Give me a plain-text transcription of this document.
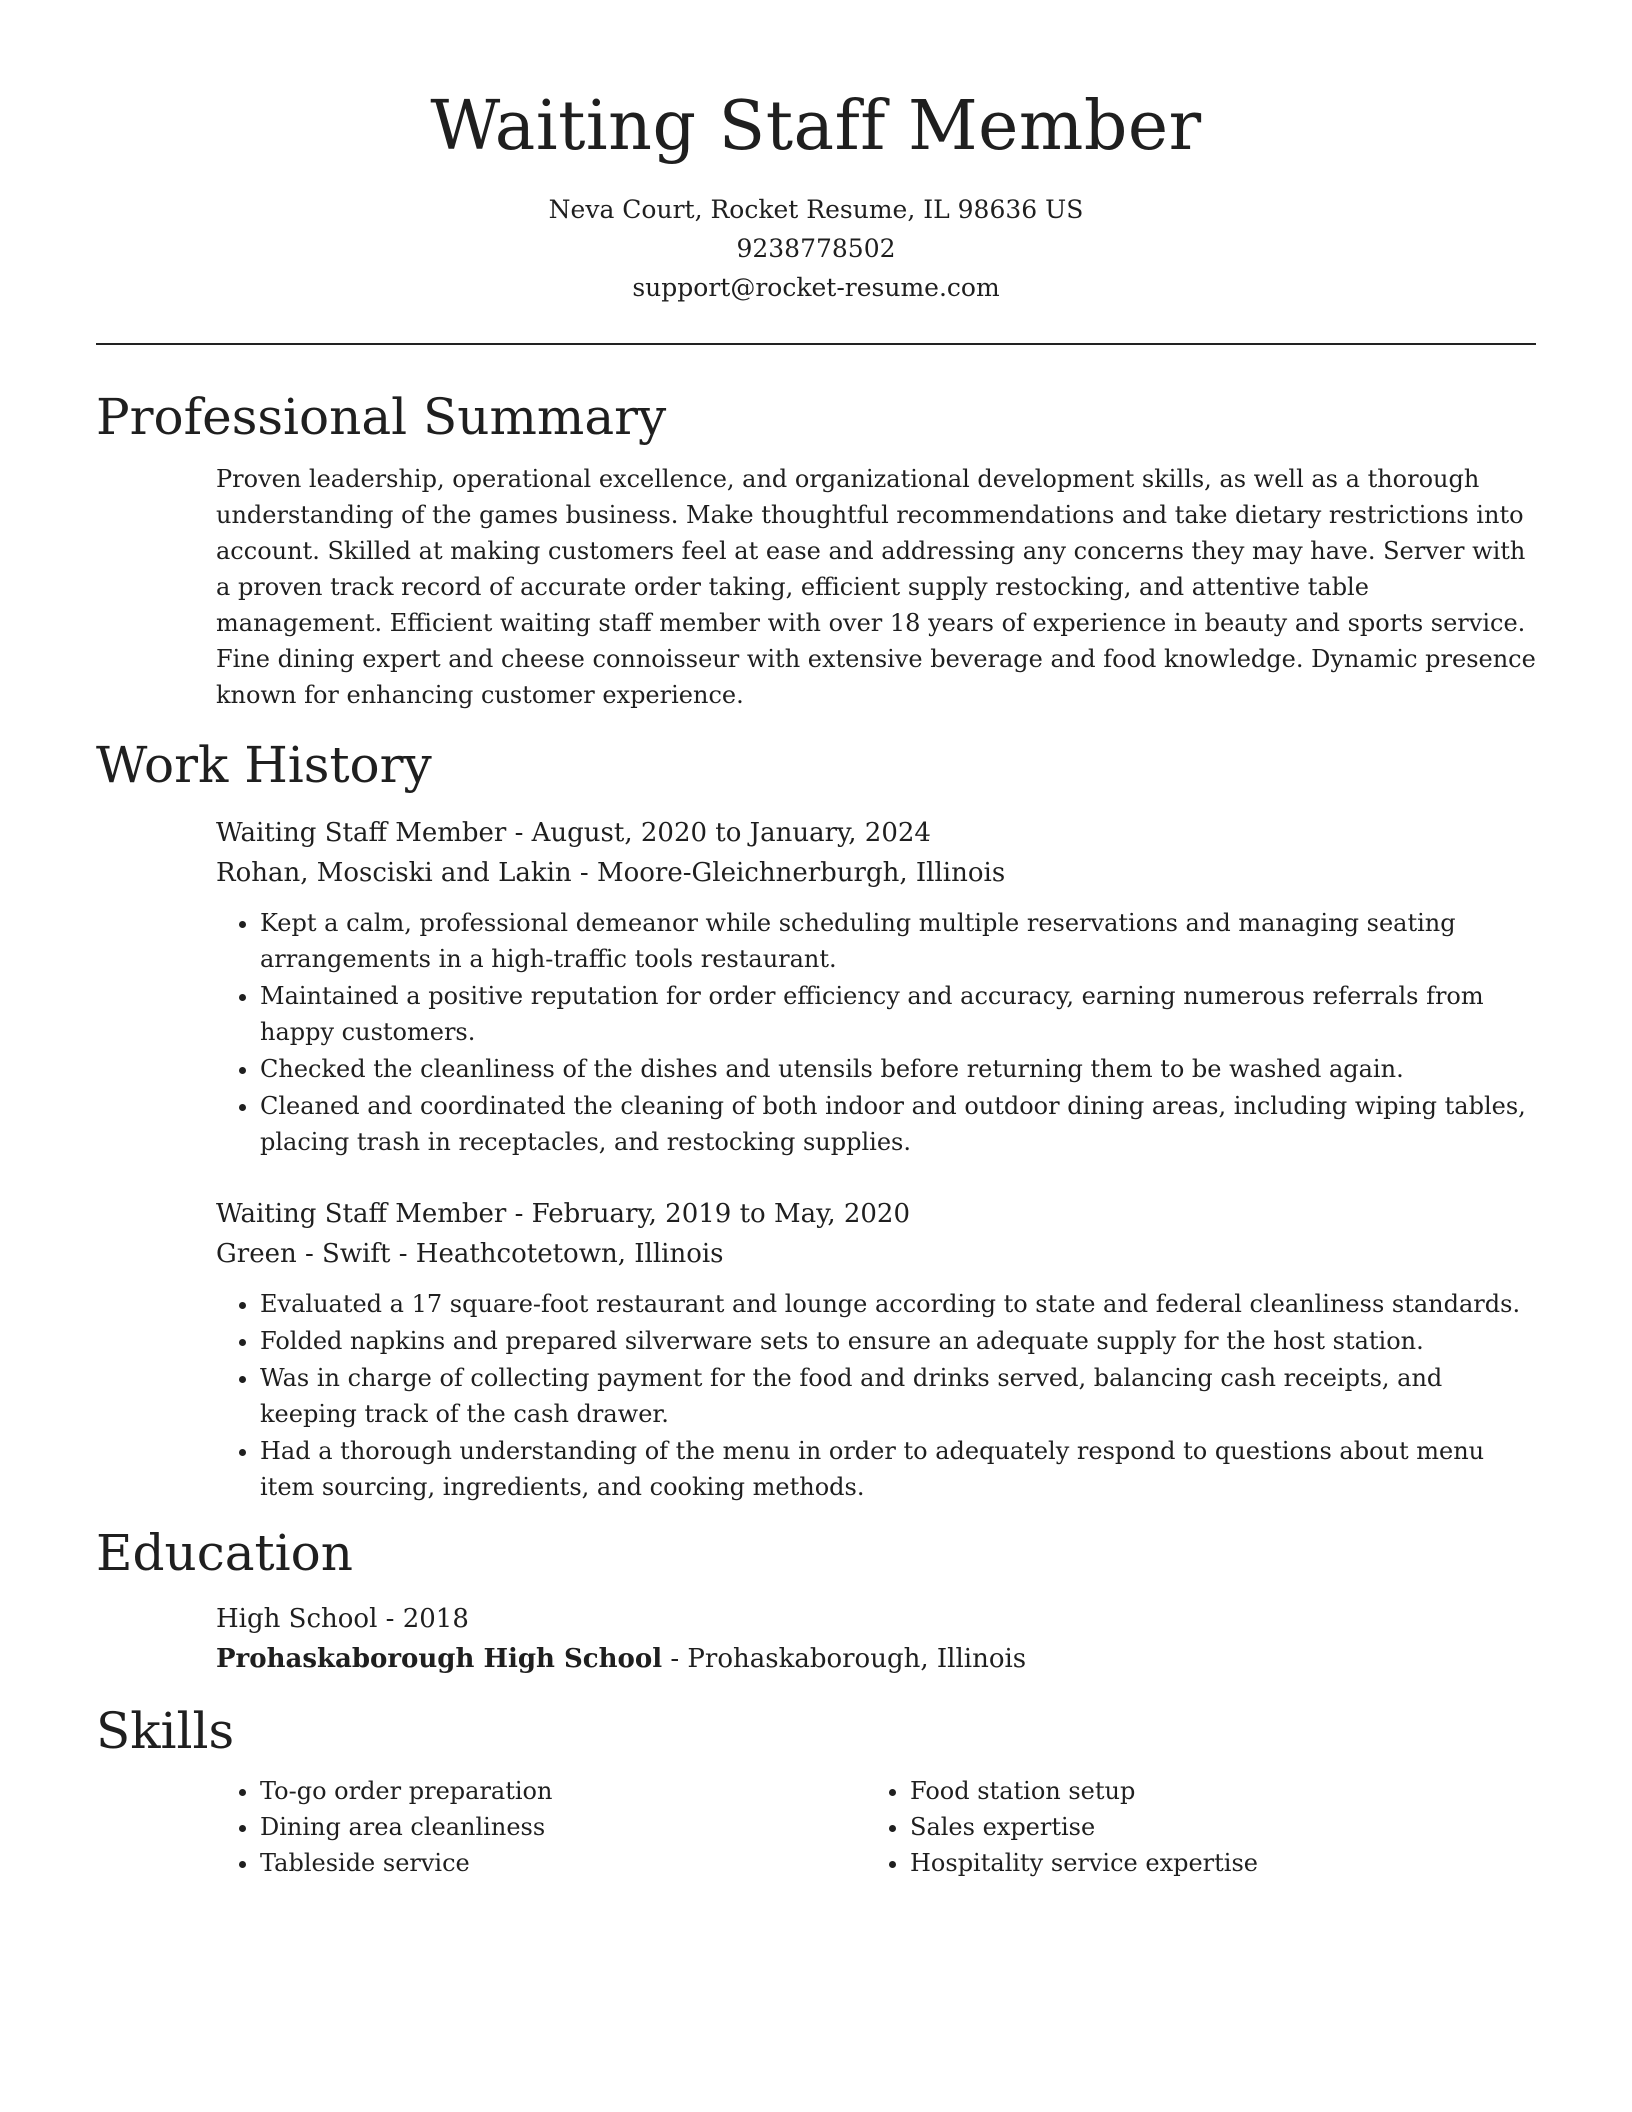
Waiting Staff Member
Neva Court, Rocket Resume, IL 98636 US
9238778502
support@rocket-resume.com
Professional Summary
Proven leadership, operational excellence, and organizational development skills, as well as a thorough understanding of the games business. Make thoughtful recommendations and take dietary restrictions into account. Skilled at making customers feel at ease and addressing any concerns they may have. Server with a proven track record of accurate order taking, efficient supply restocking, and attentive table management. Efficient waiting staff member with over 18 years of experience in beauty and sports service. Fine dining expert and cheese connoisseur with extensive beverage and food knowledge. Dynamic presence known for enhancing customer experience.
Work History
Waiting Staff Member - August, 2020 to January, 2024
Rohan, Mosciski and Lakin - Moore-Gleichnerburgh, Illinois
• Kept a calm, professional demeanor while scheduling multiple reservations and managing seating arrangements in a high-traffic tools restaurant.
• Maintained a positive reputation for order efficiency and accuracy, earning numerous referrals from happy customers.
• Checked the cleanliness of the dishes and utensils before returning them to be washed again.
• Cleaned and coordinated the cleaning of both indoor and outdoor dining areas, including wiping tables, placing trash in receptacles, and restocking supplies.
Waiting Staff Member - February, 2019 to May, 2020
Green - Swift - Heathcotetown, Illinois
• Evaluated a 17 square-foot restaurant and lounge according to state and federal cleanliness standards.
• Folded napkins and prepared silverware sets to ensure an adequate supply for the host station.
• Was in charge of collecting payment for the food and drinks served, balancing cash receipts, and keeping track of the cash drawer.
• Had a thorough understanding of the menu in order to adequately respond to questions about menu item sourcing, ingredients, and cooking methods.
Education
High School - 2018
Prohaskaborough High School - Prohaskaborough, Illinois
Skills
• To-go order preparation
• Dining area cleanliness
• Tableside service
• Food station setup
• Sales expertise
• Hospitality service expertise
